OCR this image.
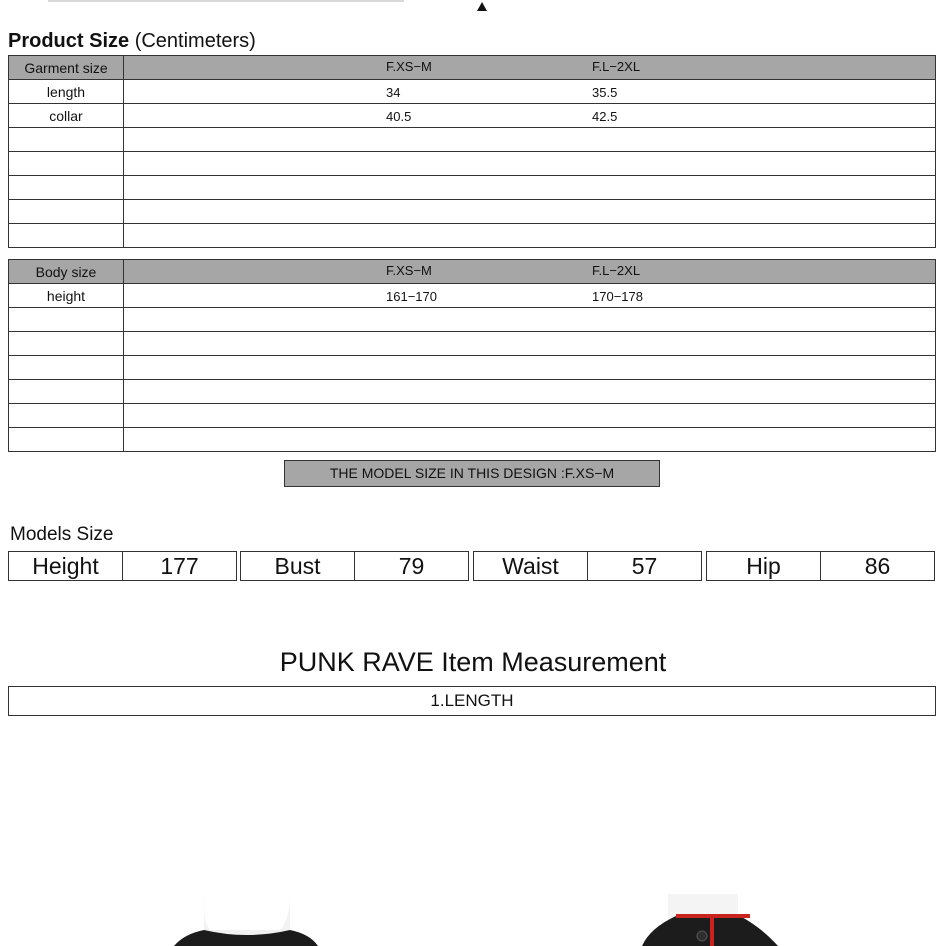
Product Size (Centimeters)
Garment size	F.XS−M F.L−2XL

length	34 35.5

collar	40.5 42.5

Body size	F.XS−M F.L−2XL

height	161−170 170−178

THE MODEL SIZE IN THIS DESIGN :F.XS−M
Models Size
Height	177	Bust	79	Waist	57	Hip	86
PUNK RAVE Item Measurement
1.LENGTH
